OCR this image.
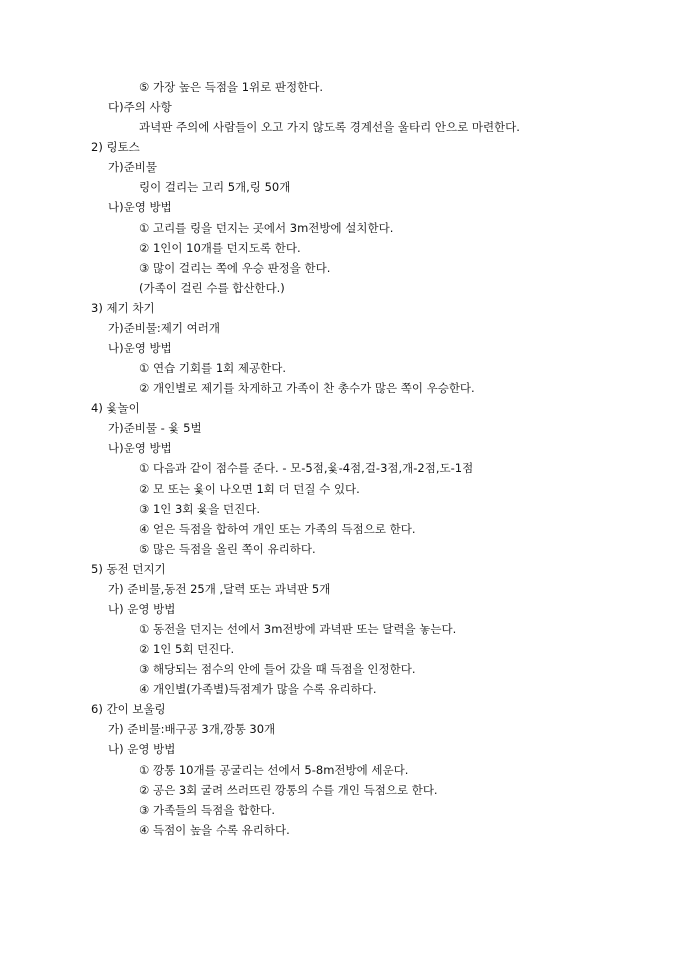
⑤ 가장 높은 득점을 1위로 판정한다.
다)주의 사항
과녁판 주의에 사람들이 오고 가지 않도록 경계선을 울타리 안으로 마련한다.
2) 링토스
가)준비물
링이 걸리는 고리 5개,링 50개
나)운영 방법
① 고리를 링을 던지는 곳에서 3m전방에 설치한다.
② 1인이 10개를 던지도록 한다.
③ 많이 걸리는 쪽에 우승 판정을 한다.
(가족이 걸린 수를 합산한다.)
3) 제기 차기
가)준비물:제기 여러개
나)운영 방법
① 연습 기회를 1회 제공한다.
② 개인별로 제기를 차게하고 가족이 찬 총수가 많은 쪽이 우승한다.
4) 윷놀이
가)준비물 - 윷 5벌
나)운영 방법
① 다음과 같이 점수를 준다. - 모-5점,윷-4점,걸-3점,개-2점,도-1점
② 모 또는 윷이 나오면 1회 더 던질 수 있다.
③ 1인 3회 윷을 던진다.
④ 얻은 득점을 합하여 개인 또는 가족의 득점으로 한다.
⑤ 많은 득점을 올린 쪽이 유리하다.
5) 동전 던지기
가) 준비물,동전 25개 ,달력 또는 과녁판 5개
나) 운영 방법
① 동전을 던지는 선에서 3m전방에 과녁판 또는 달력을 놓는다.
② 1인 5회 던진다.
③ 해당되는 점수의 안에 들어 갔을 때 득점을 인정한다.
④ 개인별(가족별)득점계가 많을 수록 유리하다.
6) 간이 보울링
가) 준비물:배구공 3개,깡통 30개
나) 운영 방법
① 깡통 10개를 공굴리는 선에서 5-8m전방에 세운다.
② 공은 3회 굴려 쓰러뜨린 깡통의 수를 개인 득점으로 한다.
③ 가족들의 득점을 합한다.
④ 득점이 높을 수록 유리하다.
